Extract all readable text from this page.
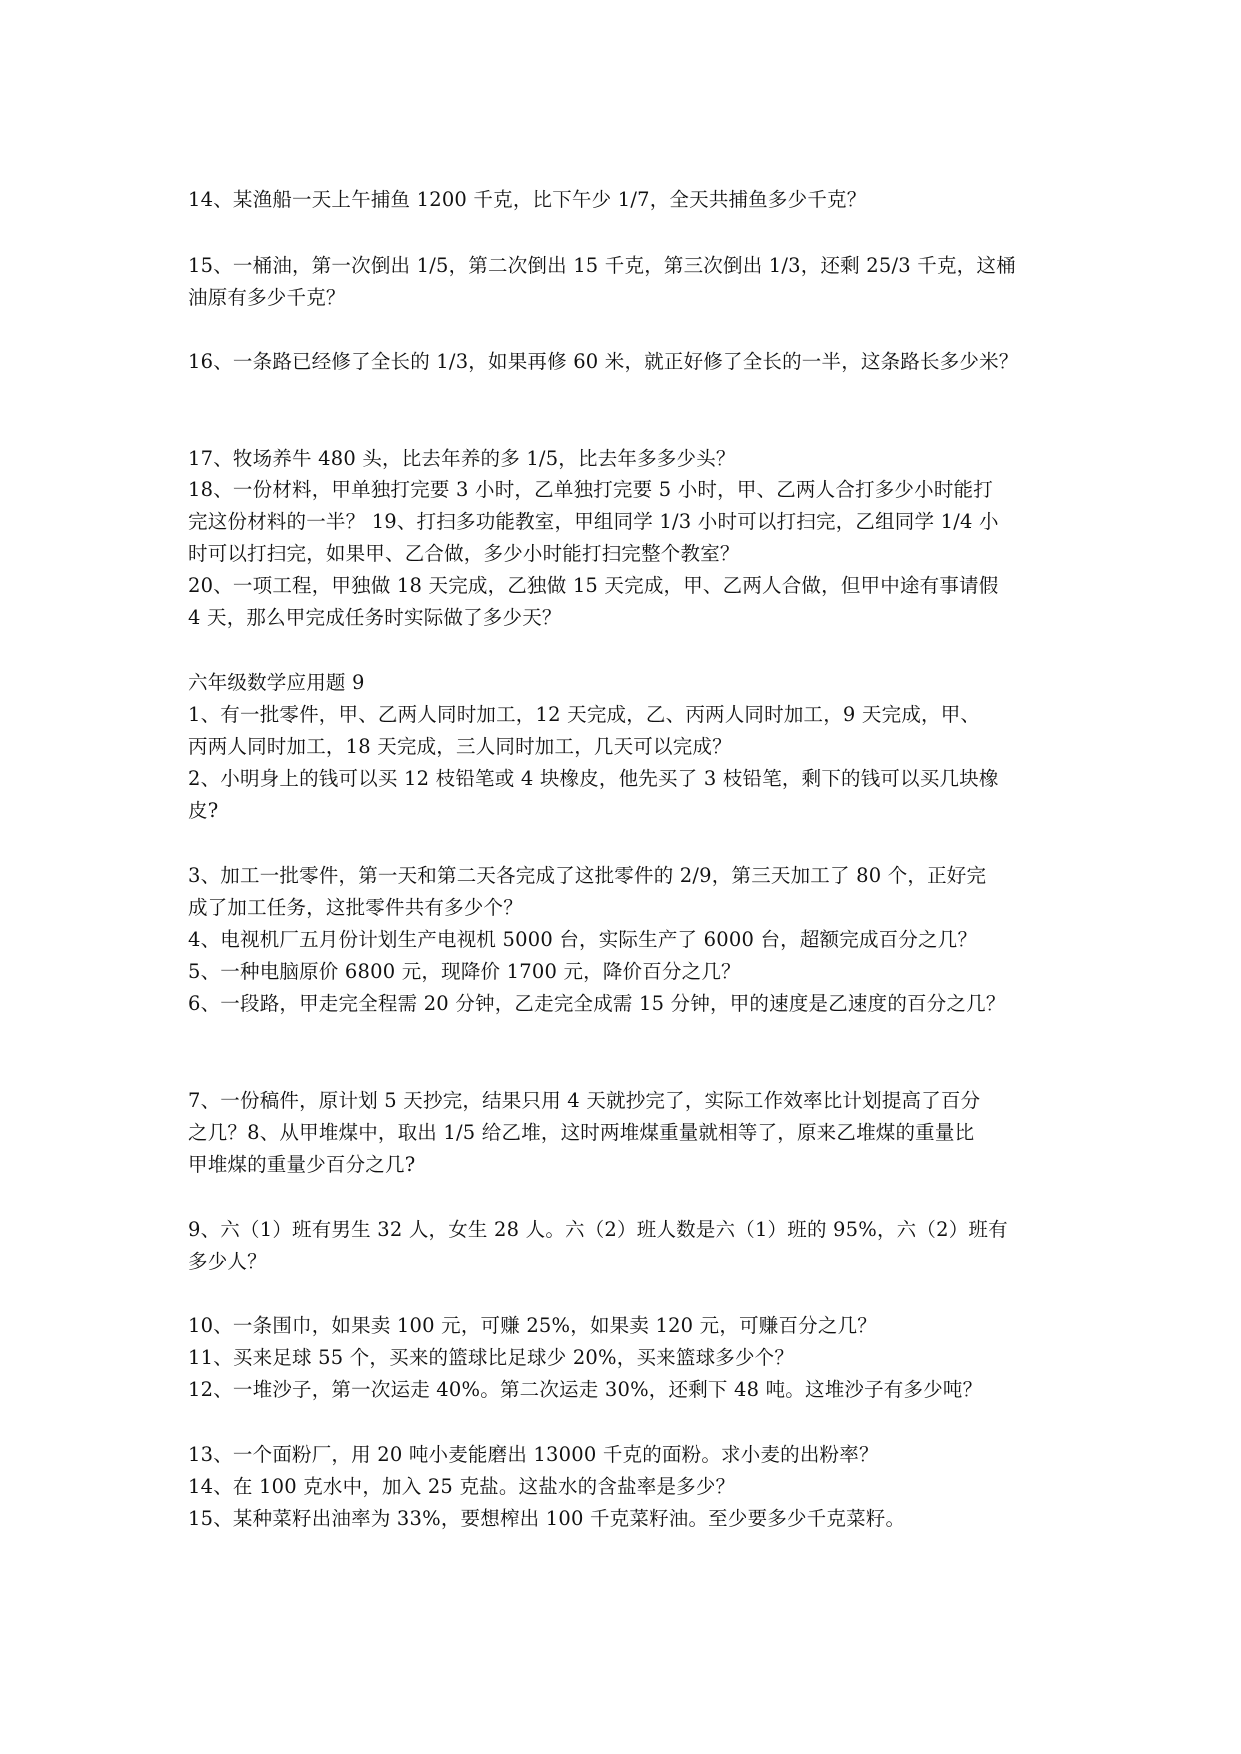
14、某渔船一天上午捕鱼 1200 千克，比下午少 1/7，全天共捕鱼多少千克？
15、一桶油，第一次倒出 1/5，第二次倒出 15 千克，第三次倒出 1/3，还剩 25/3 千克，这桶
油原有多少千克？
16、一条路已经修了全长的 1/3，如果再修 60 米，就正好修了全长的一半，这条路长多少米？
17、牧场养牛 480 头，比去年养的多 1/5，比去年多多少头？
18、一份材料，甲单独打完要 3 小时，乙单独打完要 5 小时，甲、乙两人合打多少小时能打
完这份材料的一半？ 19、打扫多功能教室，甲组同学 1/3 小时可以打扫完，乙组同学 1/4 小
时可以打扫完，如果甲、乙合做，多少小时能打扫完整个教室？
20、一项工程，甲独做 18 天完成，乙独做 15 天完成，甲、乙两人合做，但甲中途有事请假
4 天，那么甲完成任务时实际做了多少天？
六年级数学应用题 9
1、有一批零件，甲、乙两人同时加工，12 天完成，乙、丙两人同时加工，9 天完成，甲、
丙两人同时加工，18 天完成，三人同时加工，几天可以完成？
2、小明身上的钱可以买 12 枝铅笔或 4 块橡皮，他先买了 3 枝铅笔，剩下的钱可以买几块橡
皮?
3、加工一批零件，第一天和第二天各完成了这批零件的 2/9，第三天加工了 80 个，正好完
成了加工任务，这批零件共有多少个？
4、电视机厂五月份计划生产电视机 5000 台，实际生产了 6000 台，超额完成百分之几？
5、一种电脑原价 6800 元，现降价 1700 元，降价百分之几？
6、一段路，甲走完全程需 20 分钟，乙走完全成需 15 分钟，甲的速度是乙速度的百分之几？
7、一份稿件，原计划 5 天抄完，结果只用 4 天就抄完了，实际工作效率比计划提高了百分
之几？8、从甲堆煤中，取出 1/5 给乙堆，这时两堆煤重量就相等了，原来乙堆煤的重量比
甲堆煤的重量少百分之几?
9、六（1）班有男生 32 人，女生 28 人。六（2）班人数是六（1）班的 95%，六（2）班有
多少人？
10、一条围巾，如果卖 100 元，可赚 25%，如果卖 120 元，可赚百分之几？
11、买来足球 55 个，买来的篮球比足球少 20%，买来篮球多少个？
12、一堆沙子，第一次运走 40%。第二次运走 30%，还剩下 48 吨。这堆沙子有多少吨？
13、一个面粉厂，用 20 吨小麦能磨出 13000 千克的面粉。求小麦的出粉率？
14、在 100 克水中，加入 25 克盐。这盐水的含盐率是多少？
15、某种菜籽出油率为 33%，要想榨出 100 千克菜籽油。至少要多少千克菜籽。
